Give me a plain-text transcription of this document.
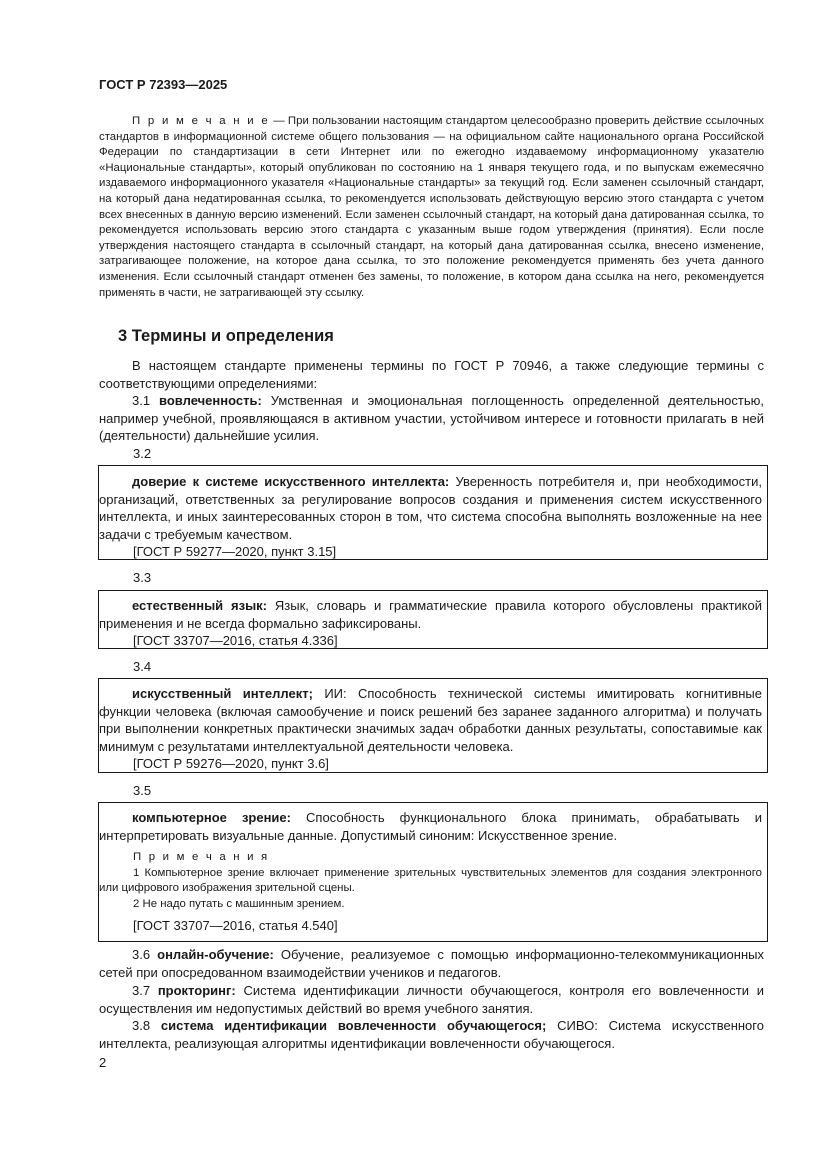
ГОСТ Р 72393—2025

П р и м е ч а н и е — При пользовании настоящим стандартом целесообразно проверить действие ссылочных стандартов в информационной системе общего пользования — на официальном сайте национального органа Российской Федерации по стандартизации в сети Интернет или по ежегодно издаваемому информационному указателю «Национальные стандарты», который опубликован по состоянию на 1 января текущего года, и по выпускам ежемесячно издаваемого информационного указателя «Национальные стандарты» за текущий год. Если заменен ссылочный стандарт, на который дана недатированная ссылка, то рекомендуется использовать действующую версию этого стандарта с учетом всех внесенных в данную версию изменений. Если заменен ссылочный стандарт, на который дана датированная ссылка, то рекомендуется использовать версию этого стандарта с указанным выше годом утверждения (принятия). Если после утверждения настоящего стандарта в ссылочный стандарт, на который дана датированная ссылка, внесено изменение, затрагивающее положение, на которое дана ссылка, то это положение рекомендуется применять без учета данного изменения. Если ссылочный стандарт отменен без замены, то положение, в котором дана ссылка на него, рекомендуется применять в части, не затрагивающей эту ссылку.

3 Термины и определения

В настоящем стандарте применены термины по ГОСТ Р 70946, а также следующие термины с соответствующими определениями:

3.1 вовлеченность: Умственная и эмоциональная поглощенность определенной деятельностью, например учебной, проявляющаяся в активном участии, устойчивом интересе и готовности прилагать в ней (деятельности) дальнейшие усилия.

3.2

доверие к системе искусственного интеллекта: Уверенность потребителя и, при необходимости, организаций, ответственных за регулирование вопросов создания и применения систем искусственного интеллекта, и иных заинтересованных сторон в том, что система способна выполнять возложенные на нее задачи с требуемым качеством.

[ГОСТ Р 59277—2020, пункт 3.15]
3.3

естественный язык: Язык, словарь и грамматические правила которого обусловлены практикой применения и не всегда формально зафиксированы.

[ГОСТ 33707—2016, статья 4.336]
3.4

искусственный интеллект; ИИ: Способность технической системы имитировать когнитивные функции человека (включая самообучение и поиск решений без заранее заданного алгоритма) и получать при выполнении конкретных практически значимых задач обработки данных результаты, сопоставимые как минимум с результатами интеллектуальной деятельности человека.

[ГОСТ Р 59276—2020, пункт 3.6]
3.5

компьютерное зрение: Способность функционального блока принимать, обрабатывать и интерпретировать визуальные данные. Допустимый синоним: Искусственное зрение.

П р и м е ч а н и я
1 Компьютерное зрение включает применение зрительных чувствительных элементов для создания электронного или цифрового изображения зрительной сцены.
2 Не надо путать с машинным зрением.
[ГОСТ 33707—2016, статья 4.540]

3.6 онлайн-обучение: Обучение, реализуемое с помощью информационно-телекоммуникационных сетей при опосредованном взаимодействии учеников и педагогов.

3.7 прокторинг: Система идентификации личности обучающегося, контроля его вовлеченности и осуществления им недопустимых действий во время учебного занятия.

3.8 система идентификации вовлеченности обучающегося; СИВО: Система искусственного интеллекта, реализующая алгоритмы идентификации вовлеченности обучающегося.

2
